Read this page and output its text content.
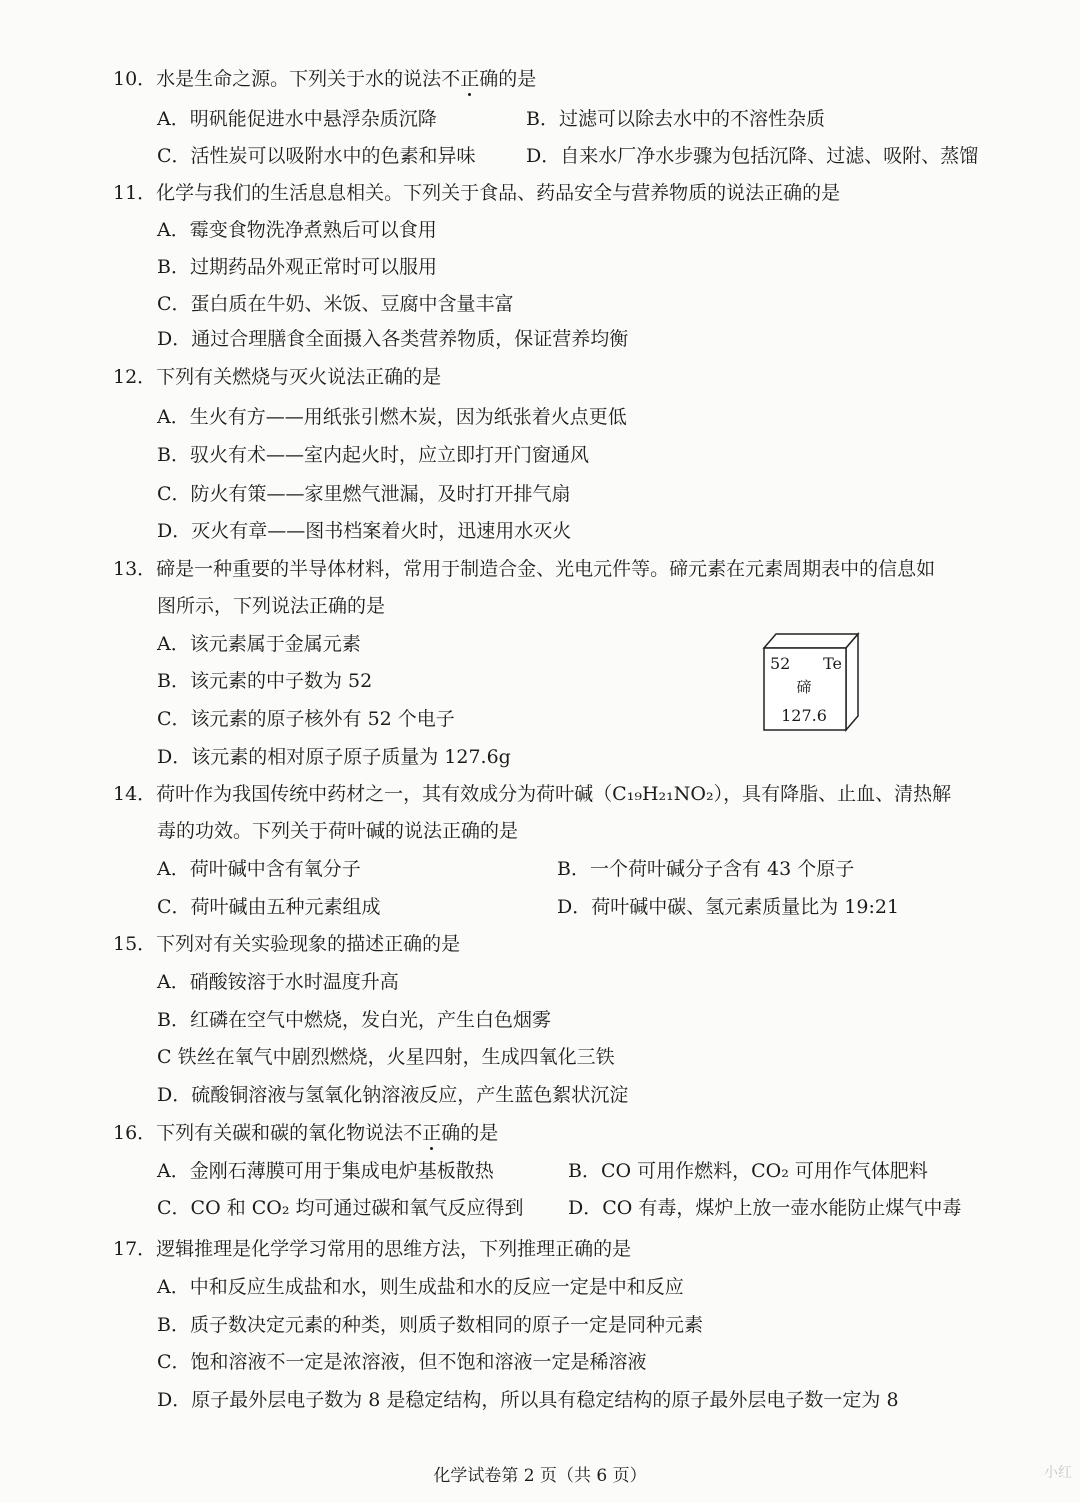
10．水是生命之源。下列关于水的说法不正确的是
A．明矾能促进水中悬浮杂质沉降	B．过滤可以除去水中的不溶性杂质
C．活性炭可以吸附水中的色素和异味	D．自来水厂净水步骤为包括沉降、过滤、吸附、蒸馏
11．化学与我们的生活息息相关。下列关于食品、药品安全与营养物质的说法正确的是
A．霉变食物洗净煮熟后可以食用
B．过期药品外观正常时可以服用
C．蛋白质在牛奶、米饭、豆腐中含量丰富
D．通过合理膳食全面摄入各类营养物质，保证营养均衡
12．下列有关燃烧与灭火说法正确的是
A．生火有方——用纸张引燃木炭，因为纸张着火点更低
B．驭火有术——室内起火时，应立即打开门窗通风
C．防火有策——家里燃气泄漏，及时打开排气扇
D．灭火有章——图书档案着火时，迅速用水灭火
13．碲是一种重要的半导体材料，常用于制造合金、光电元件等。碲元素在元素周期表中的信息如
图所示，下列说法正确的是
A．该元素属于金属元素
B．该元素的中子数为 52
C．该元素的原子核外有 52 个电子
D．该元素的相对原子原子质量为 127.6g
52 Te
碲
127.6
14．荷叶作为我国传统中药材之一，其有效成分为荷叶碱（C₁₉H₂₁NO₂），具有降脂、止血、清热解
毒的功效。下列关于荷叶碱的说法正确的是
A．荷叶碱中含有氧分子	B．一个荷叶碱分子含有 43 个原子
C．荷叶碱由五种元素组成	D．荷叶碱中碳、氢元素质量比为 19:21
15．下列对有关实验现象的描述正确的是
A．硝酸铵溶于水时温度升高
B．红磷在空气中燃烧，发白光，产生白色烟雾
C 铁丝在氧气中剧烈燃烧，火星四射，生成四氧化三铁
D．硫酸铜溶液与氢氧化钠溶液反应，产生蓝色絮状沉淀
16．下列有关碳和碳的氧化物说法不正确的是
A．金刚石薄膜可用于集成电炉基板散热	B．CO 可用作燃料，CO₂ 可用作气体肥料
C．CO 和 CO₂ 均可通过碳和氧气反应得到 D．CO 有毒，煤炉上放一壶水能防止煤气中毒
17．逻辑推理是化学学习常用的思维方法，下列推理正确的是
A．中和反应生成盐和水，则生成盐和水的反应一定是中和反应
B．质子数决定元素的种类，则质子数相同的原子一定是同种元素
C．饱和溶液不一定是浓溶液，但不饱和溶液一定是稀溶液
D．原子最外层电子数为 8 是稳定结构，所以具有稳定结构的原子最外层电子数一定为 8
化学试卷第 2 页（共 6 页）	小红
